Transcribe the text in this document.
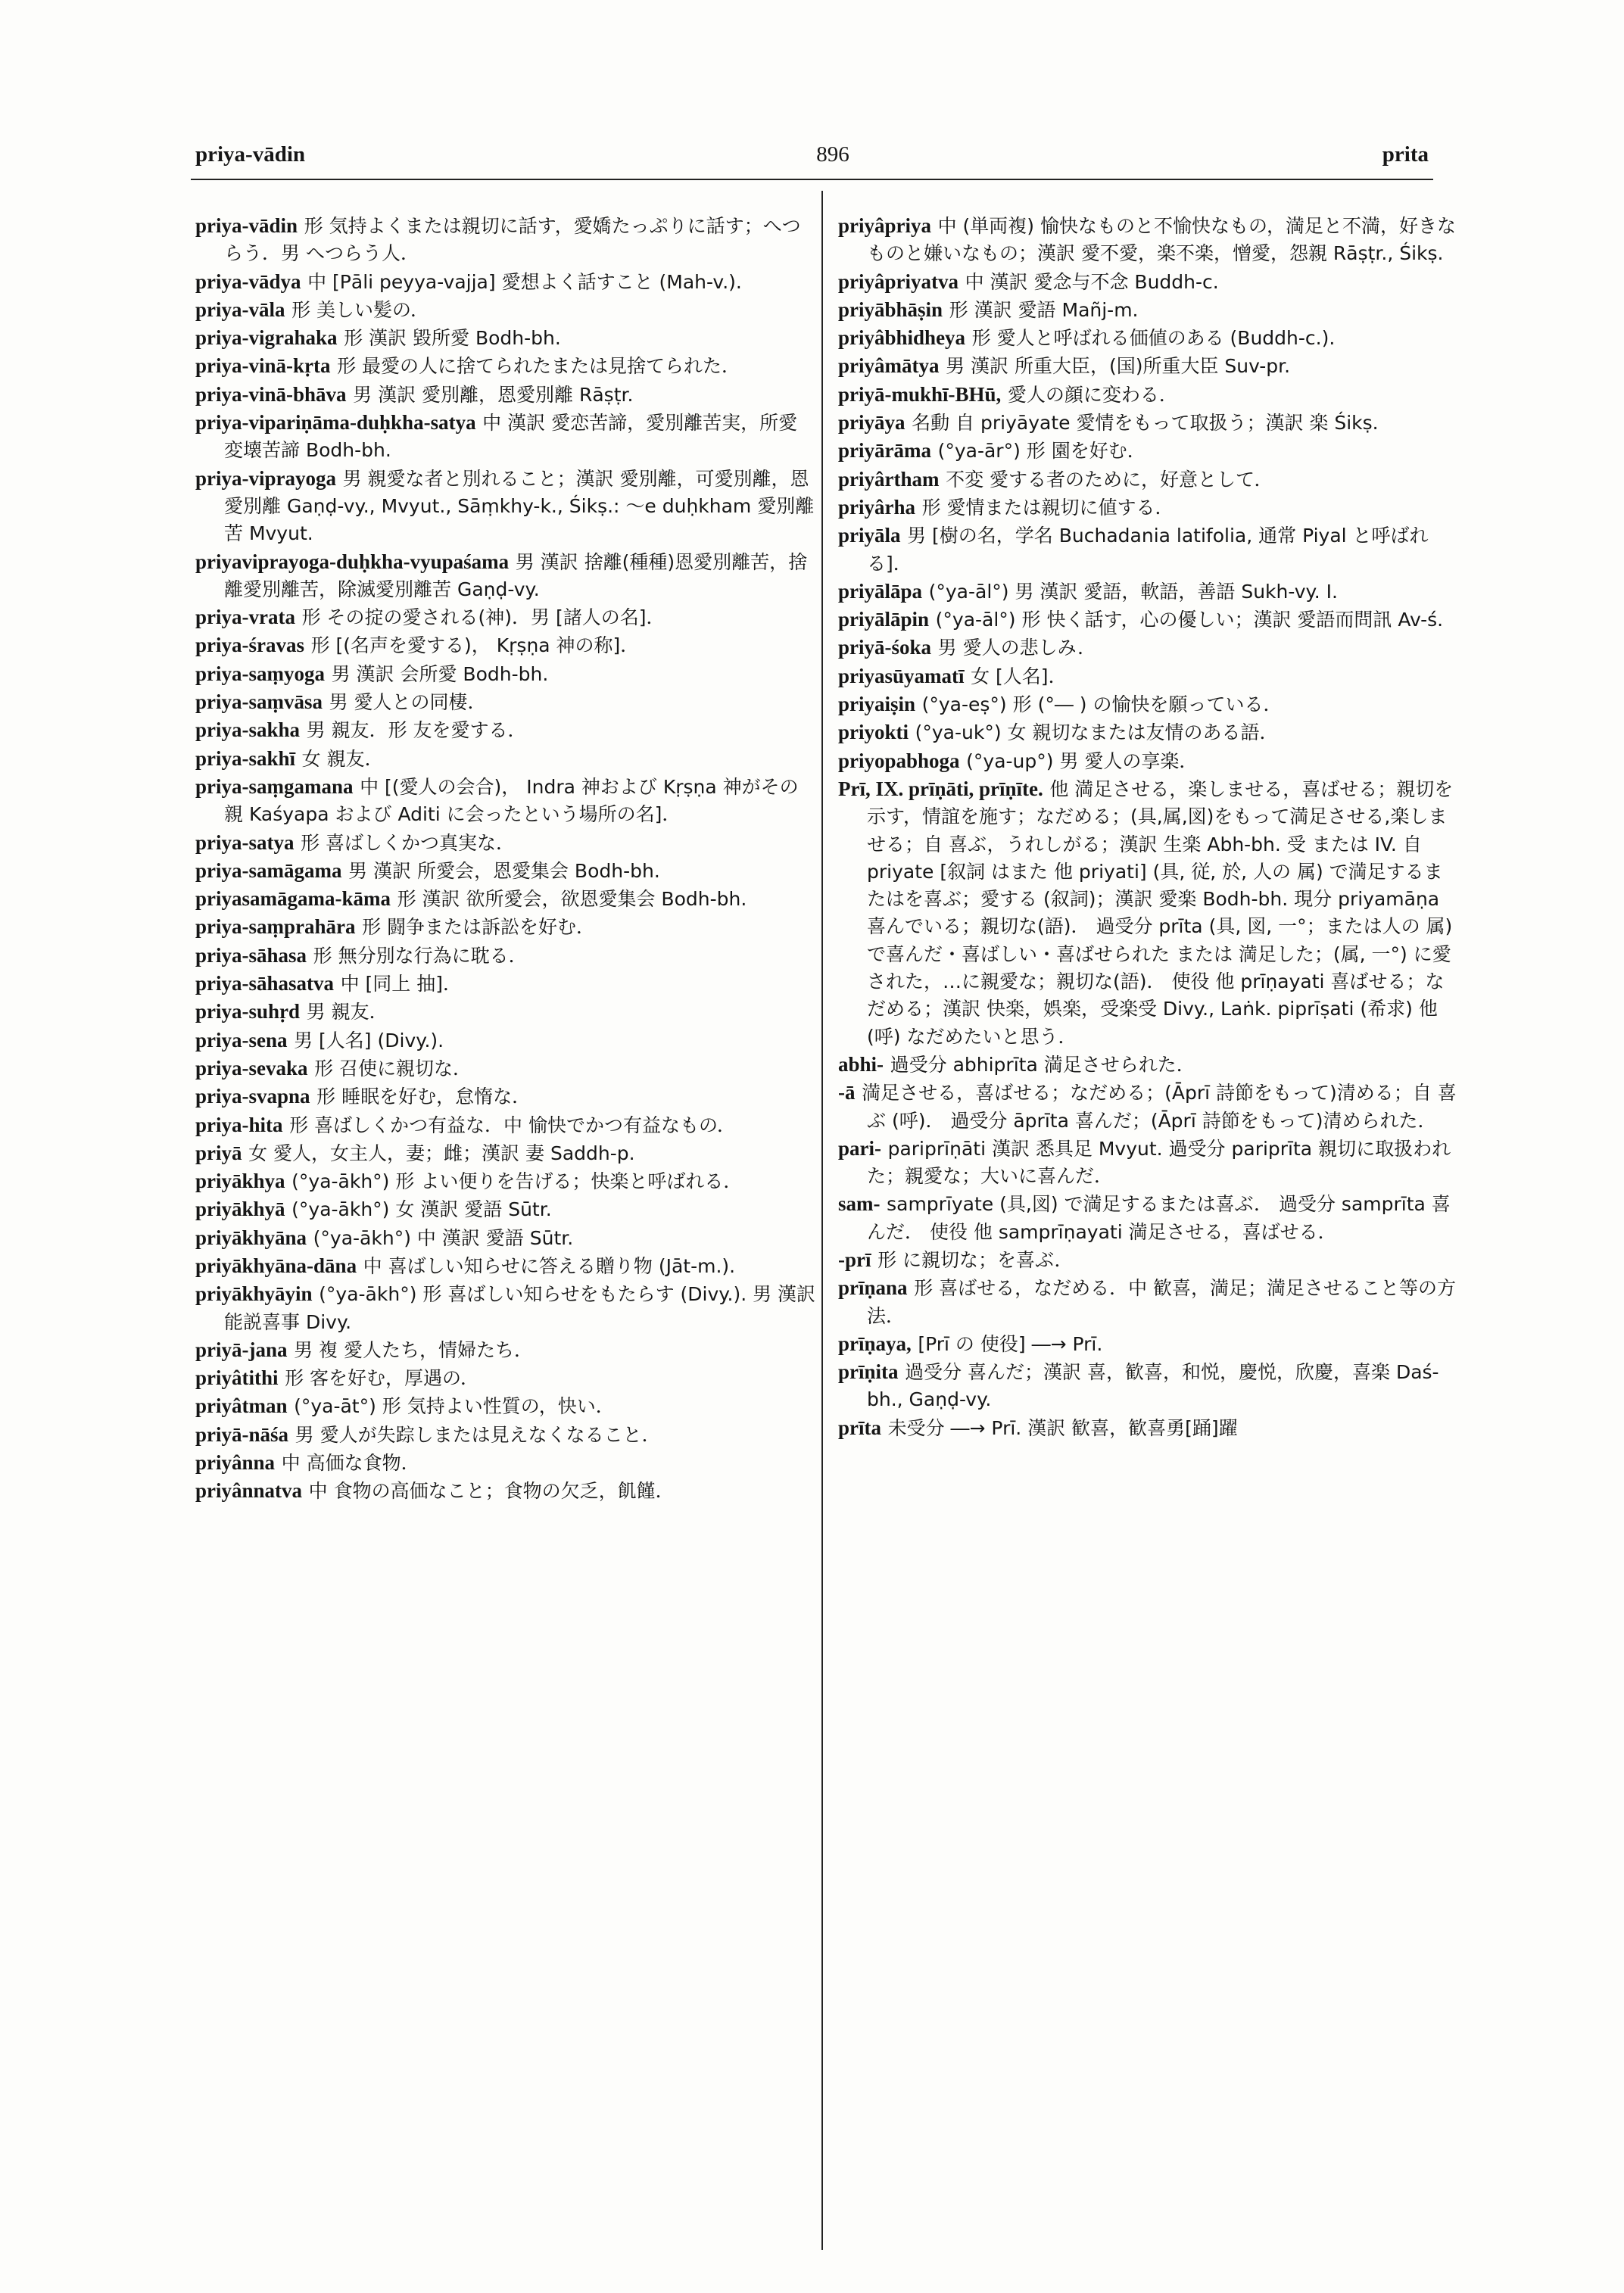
priya-vādin	896	prita

priya-vādin 形 気持よくまたは親切に話す，愛嬌たっぷりに話す；へつらう．男 へつらう人．

priya-vādya 中 [Pāli peyya-vajja] 愛想よく話すこと (Mah-v.).

priya-vāla 形 美しい髪の．

priya-vigrahaka 形 漢訳 毀所愛 Bodh-bh.

priya-vinā-kṛta 形 最愛の人に捨てられたまたは見捨てられた．

priya-vinā-bhāva 男 漢訳 愛別離，恩愛別離 Rāṣṭr.

priya-vipariṇāma-duḥkha-satya 中 漢訳 愛恋苦諦，愛別離苦実，所愛変壊苦諦 Bodh-bh.

priya-viprayoga 男 親愛な者と別れること；漢訳 愛別離，可愛別離，恩愛別離 Gaṇḍ-vy., Mvyut., Sāṃkhy-k., Śikṣ.: ～e duḥkham 愛別離苦 Mvyut.

priyaviprayoga-duḥkha-vyupaśama 男 漢訳 捨離(種種)恩愛別離苦，捨離愛別離苦，除滅愛別離苦 Gaṇḍ-vy.

priya-vrata 形 その掟の愛される(神)．男 [諸人の名]．

priya-śravas 形 [(名声を愛する)， Kṛṣṇa 神の称]．

priya-saṃyoga 男 漢訳 会所愛 Bodh-bh.

priya-saṃvāsa 男 愛人との同棲．

priya-sakha 男 親友．形 友を愛する．

priya-sakhī 女 親友．

priya-saṃgamana 中 [(愛人の会合)， Indra 神および Kṛṣṇa 神がその親 Kaśyapa および Aditi に会ったという場所の名]．

priya-satya 形 喜ばしくかつ真実な．

priya-samāgama 男 漢訳 所愛会，恩愛集会 Bodh-bh.

priyasamāgama-kāma 形 漢訳 欲所愛会，欲恩愛集会 Bodh-bh.

priya-saṃprahāra 形 闘争または訴訟を好む．

priya-sāhasa 形 無分別な行為に耽る．

priya-sāhasatva 中 [同上 抽]．

priya-suhṛd 男 親友．

priya-sena 男 [人名] (Divy.).

priya-sevaka 形 召使に親切な．

priya-svapna 形 睡眠を好む，怠惰な．

priya-hita 形 喜ばしくかつ有益な．中 愉快でかつ有益なもの．

priyā 女 愛人，女主人，妻；雌；漢訳 妻 Saddh-p.

priyākhya (°ya-ākh°) 形 よい便りを告げる；快楽と呼ばれる．

priyākhyā (°ya-ākh°) 女 漢訳 愛語 Sūtr.

priyākhyāna (°ya-ākh°) 中 漢訳 愛語 Sūtr.

priyākhyāna-dāna 中 喜ばしい知らせに答える贈り物 (Jāt-m.).

priyākhyāyin (°ya-ākh°) 形 喜ばしい知らせをもたらす (Divy.). 男 漢訳 能説喜事 Divy.

priyā-jana 男 複 愛人たち，情婦たち．

priyâtithi 形 客を好む，厚遇の．

priyâtman (°ya-āt°) 形 気持よい性質の，快い．

priyā-nāśa 男 愛人が失踪しまたは見えなくなること．

priyânna 中 高価な食物．

priyânnatva 中 食物の高価なこと；食物の欠乏，飢饉．

priyâpriya 中 (単両複) 愉快なものと不愉快なもの，満足と不満，好きなものと嫌いなもの；漢訳 愛不愛，楽不楽，憎愛，怨親 Rāṣṭr., Śikṣ.

priyâpriyatva 中 漢訳 愛念与不念 Buddh-c.

priyābhāṣin 形 漢訳 愛語 Mañj-m.

priyâbhidheya 形 愛人と呼ばれる価値のある (Buddh-c.).

priyâmātya 男 漢訳 所重大臣，(国)所重大臣 Suv-pr.

priyā-mukhī-BHū, 愛人の顔に変わる．

priyāya 名動 自 priyāyate 愛情をもって取扱う；漢訳 楽 Śikṣ.

priyārāma (°ya-ār°) 形 園を好む．

priyârtham 不変 愛する者のために，好意として．

priyârha 形 愛情または親切に値する．

priyāla 男 [樹の名，学名 Buchadania latifolia, 通常 Piyal と呼ばれる]．

priyālāpa (°ya-āl°) 男 漢訳 愛語，軟語，善語 Sukh-vy. I.

priyālāpin (°ya-āl°) 形 快く話す，心の優しい；漢訳 愛語而問訊 Av-ś.

priyā-śoka 男 愛人の悲しみ．

priyasūyamatī 女 [人名]．

priyaiṣin (°ya-eṣ°) 形 (°― ) の愉快を願っている．

priyokti (°ya-uk°) 女 親切なまたは友情のある語．

priyopabhoga (°ya-up°) 男 愛人の享楽．

Prī, IX. prīṇāti, prīṇīte. 他 満足させる，楽しませる，喜ばせる；親切を示す，情誼を施す；なだめる；(具,属,図)をもって満足させる,楽しませる；自 喜ぶ，うれしがる；漢訳 生楽 Abh-bh. 受 または IV. 自 priyate [叙詞 はまた 他 priyati] (具, 従, 於, 人の 属) で満足するまたはを喜ぶ；愛する (叙詞)；漢訳 愛楽 Bodh-bh. 現分 priyamāṇa 喜んでいる；親切な(語)． 過受分 prīta (具, 図, 一°；または人の 属) で喜んだ・喜ばしい・喜ばせられた または 満足した；(属, 一°) に愛された，…に親愛な；親切な(語)． 使役 他 prīṇayati 喜ばせる；なだめる；漢訳 快楽，娯楽，受楽受 Divy., Laṅk. piprīṣati (希求) 他 (呼) なだめたいと思う．

abhi- 過受分 abhiprīta 満足させられた．

-ā 満足させる，喜ばせる；なだめる；(Āprī 詩節をもって)清める；自 喜ぶ (呼)． 過受分 āprīta 喜んだ；(Āprī 詩節をもって)清められた．

pari- pariprīṇāti 漢訳 悉具足 Mvyut. 過受分 pariprīta 親切に取扱われた；親愛な；大いに喜んだ．

sam- samprīyate (具,図) で満足するまたは喜ぶ． 過受分 samprīta 喜んだ． 使役 他 samprīṇayati 満足させる，喜ばせる．

-prī 形 に親切な；を喜ぶ．

prīṇana 形 喜ばせる，なだめる．中 歓喜，満足；満足させること等の方法．

prīṇaya, [Prī の 使役] ―→ Prī.

prīṇita 過受分 喜んだ；漢訳 喜，歓喜，和悦，慶悦，欣慶，喜楽 Daś-bh., Gaṇḍ-vy.

prīta 未受分 ―→ Prī. 漢訳 歓喜，歓喜勇[踊]躍
